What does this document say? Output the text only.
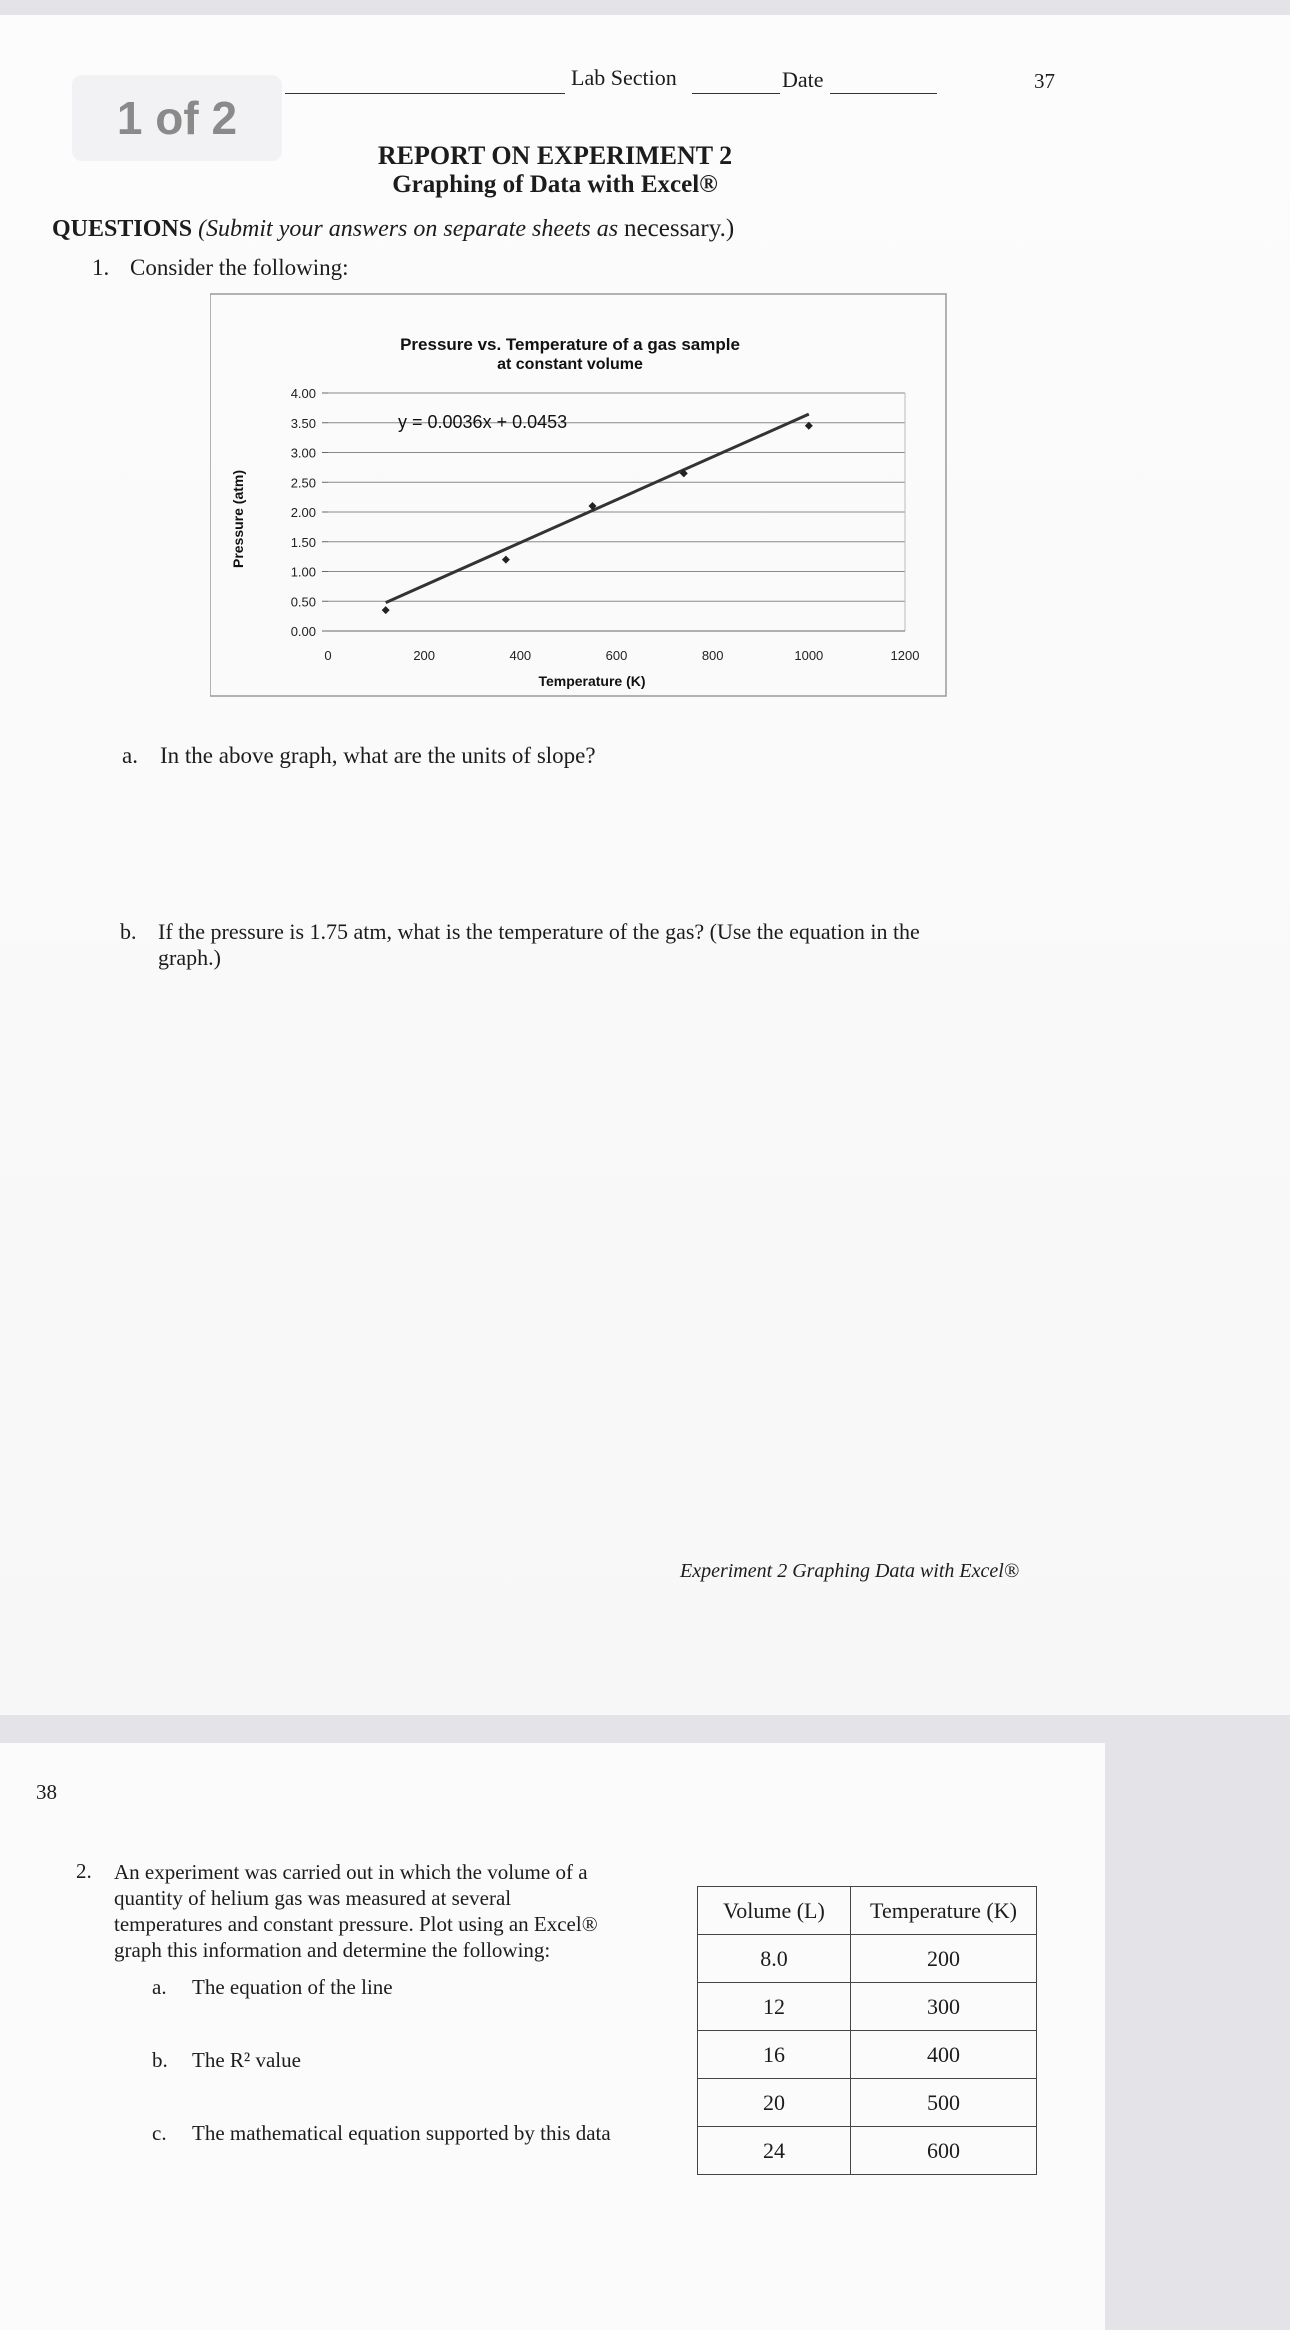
1 of 2
Lab Section	Date	37
REPORT ON EXPERIMENT 2
Graphing of Data with Excel®
QUESTIONS (Submit your answers on separate sheets as necessary.)
1. Consider the following:
Pressure vs. Temperature of a gas sample
at constant volume
Pressure (atm)
Temperature (K)
0.00
0.50
1.00
1.50
2.00
2.50
3.00
3.50
4.00
0	200	400	600	800	1000	1200
y = 0.0036x + 0.0453
a. In the above graph, what are the units of slope?
b. If the pressure is 1.75 atm, what is the temperature of the gas? (Use the equation in the
graph.)
Experiment 2 Graphing Data with Excel®
38
2. An experiment was carried out in which the volume of a
quantity of helium gas was measured at several
temperatures and constant pressure. Plot using an Excel®
graph this information and determine the following:
a. The equation of the line
b. The R² value
c. The mathematical equation supported by this data
Volume (L)	Temperature (K)
8.0	200
12	300
16	400
20	500
24	600
